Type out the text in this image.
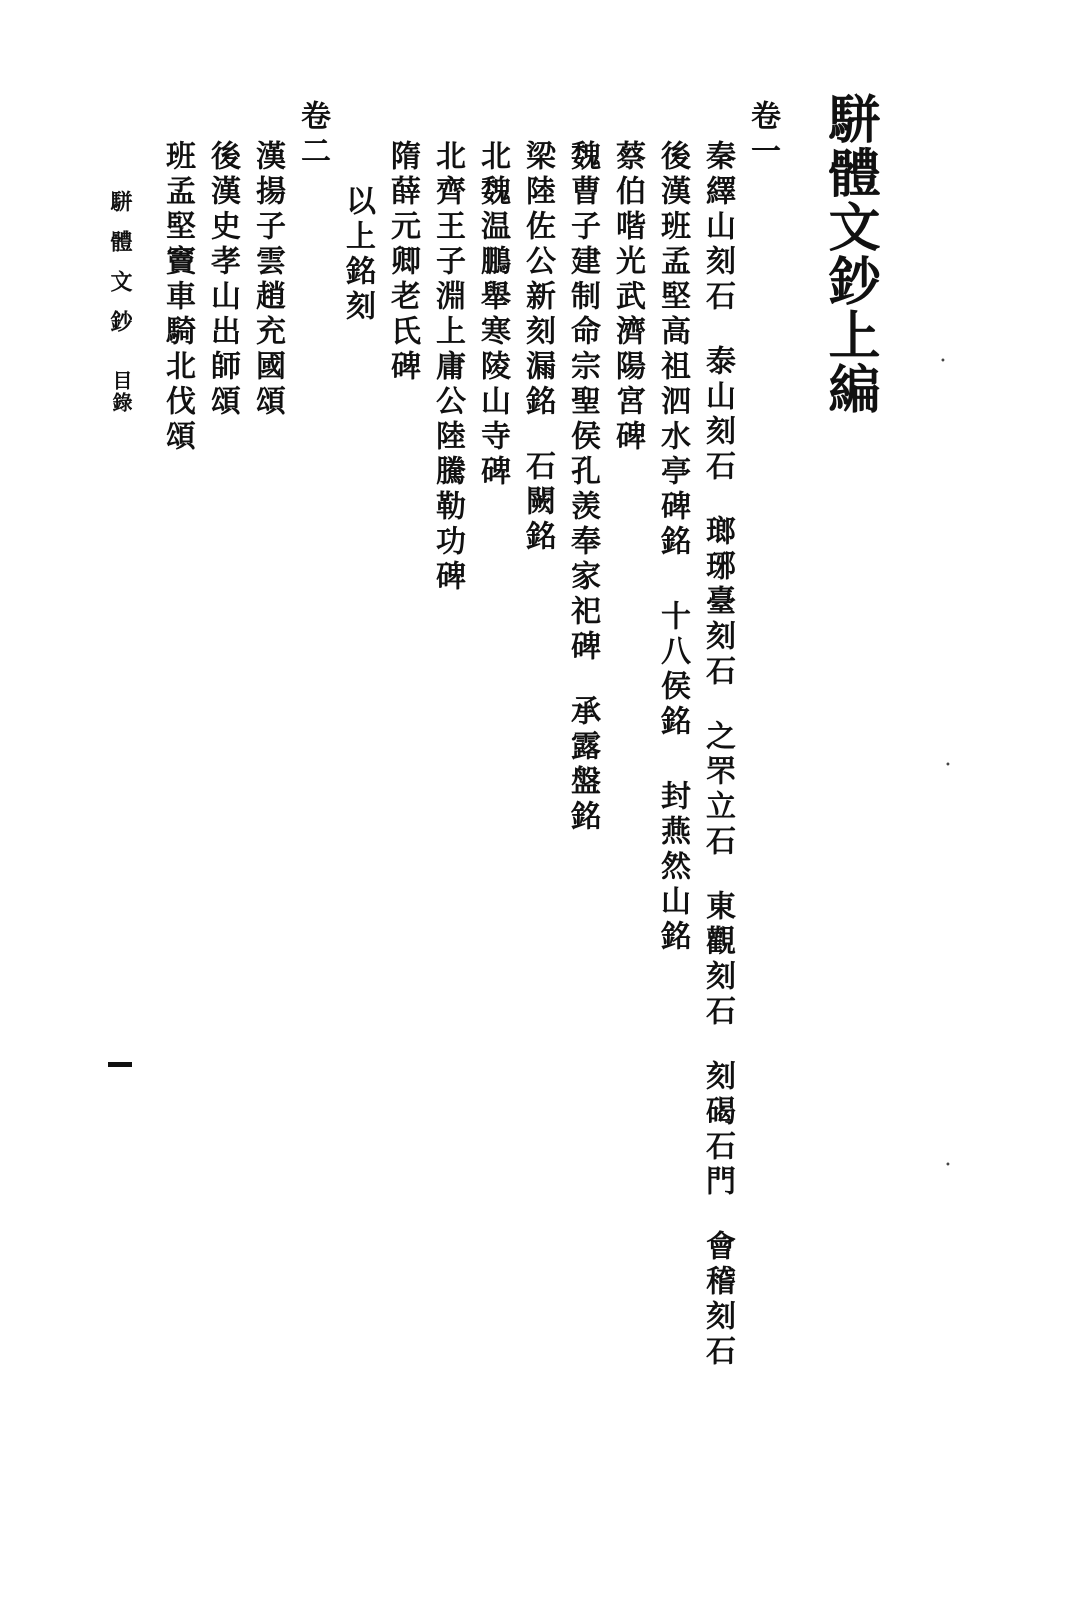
駢體文鈔上編
卷一
秦繹山刻石泰山刻石瑯琊臺刻石之罘立石東觀刻石刻碣石門會稽刻石
後漢班孟堅高祖泗水亭碑銘十八侯銘封燕然山銘
蔡伯喈光武濟陽宮碑
魏曹子建制命宗聖侯孔羡奉家祀碑承露盤銘
梁陸佐公新刻漏銘石闕銘
北魏温鵬舉寒陵山寺碑
北齊王子淵上庸公陸騰勒功碑
隋薛元卿老氏碑
以上銘刻
卷二
漢揚子雲趙充國頌
後漢史孝山出師頌
班孟堅竇車騎北伐頌
駢體文鈔
目錄
•
•
•
